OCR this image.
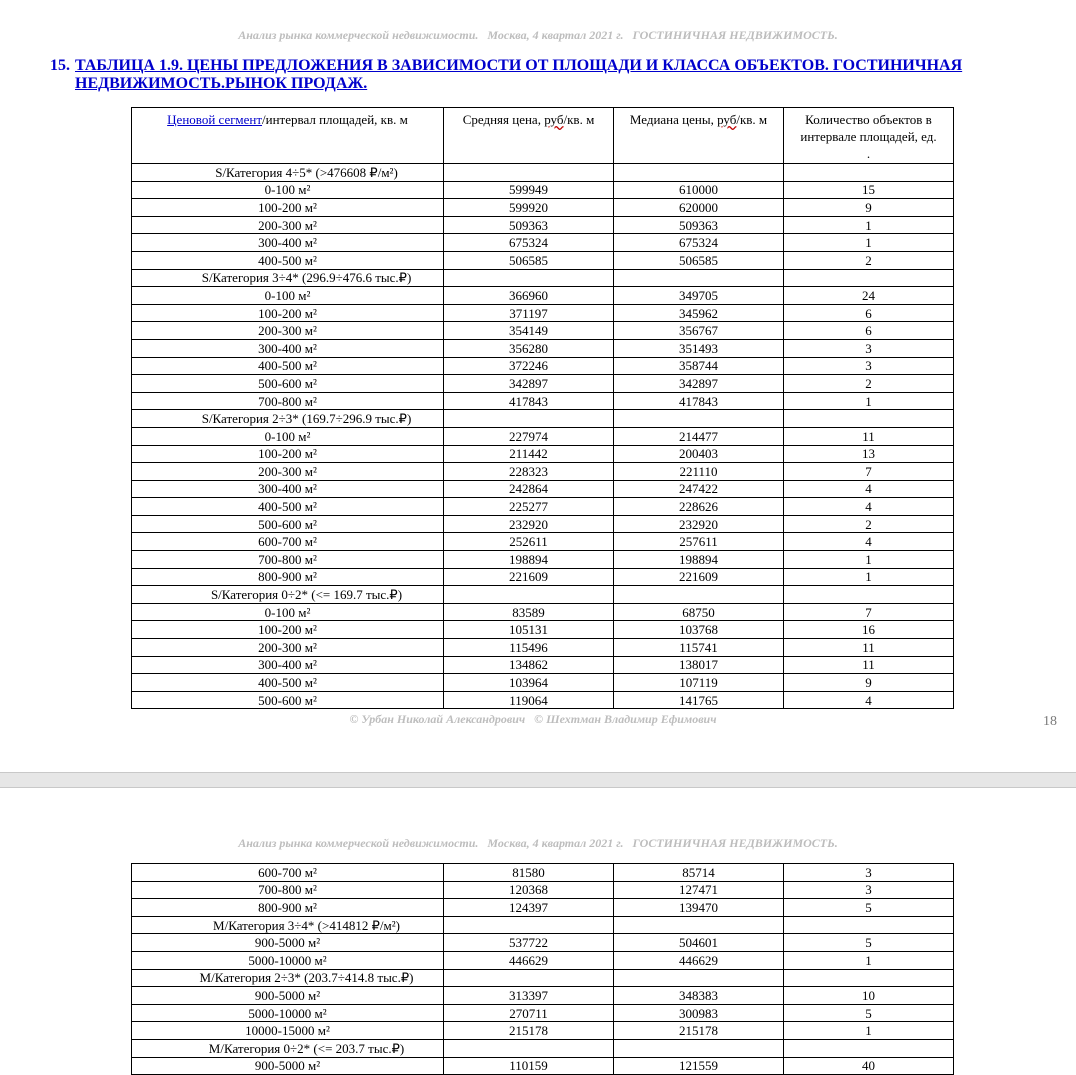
Анализ рынка коммерческой недвижимости.   Москва, 4 квартал 2021 г.   ГОСТИНИЧНАЯ НЕДВИЖИМОСТЬ.
15. ТАБЛИЦА 1.9. ЦЕНЫ ПРЕДЛОЖЕНИЯ В ЗАВИСИМОСТИ ОТ ПЛОЩАДИ И КЛАССА ОБЪЕКТОВ. ГОСТИНИЧНАЯ НЕДВИЖИМОСТЬ.РЫНОК ПРОДАЖ.
Ценовой сегмент/интервал площадей, кв. м	Средняя цена, руб/кв. м	Медиана цены, руб/кв. м	Количество объектов в интервале площадей, ед.
.
S/Категория 4÷5* (>476608 ₽/м²)			
0-100 м²	599949	610000	15
100-200 м²	599920	620000	9
200-300 м²	509363	509363	1
300-400 м²	675324	675324	1
400-500 м²	506585	506585	2
S/Категория 3÷4* (296.9÷476.6 тыс.₽)			
0-100 м²	366960	349705	24
100-200 м²	371197	345962	6
200-300 м²	354149	356767	6
300-400 м²	356280	351493	3
400-500 м²	372246	358744	3
500-600 м²	342897	342897	2
700-800 м²	417843	417843	1
S/Категория 2÷3* (169.7÷296.9 тыс.₽)			
0-100 м²	227974	214477	11
100-200 м²	211442	200403	13
200-300 м²	228323	221110	7
300-400 м²	242864	247422	4
400-500 м²	225277	228626	4
500-600 м²	232920	232920	2
600-700 м²	252611	257611	4
700-800 м²	198894	198894	1
800-900 м²	221609	221609	1
S/Категория 0÷2* (<= 169.7 тыс.₽)			
0-100 м²	83589	68750	7
100-200 м²	105131	103768	16
200-300 м²	115496	115741	11
300-400 м²	134862	138017	11
400-500 м²	103964	107119	9
500-600 м²	119064	141765	4
© Урбан Николай Александрович   © Шехтман Владимир Ефимович	18
Анализ рынка коммерческой недвижимости.   Москва, 4 квартал 2021 г.   ГОСТИНИЧНАЯ НЕДВИЖИМОСТЬ.
600-700 м²	81580	85714	3
700-800 м²	120368	127471	3
800-900 м²	124397	139470	5
M/Категория 3÷4* (>414812 ₽/м²)			
900-5000 м²	537722	504601	5
5000-10000 м²	446629	446629	1
M/Категория 2÷3* (203.7÷414.8 тыс.₽)			
900-5000 м²	313397	348383	10
5000-10000 м²	270711	300983	5
10000-15000 м²	215178	215178	1
M/Категория 0÷2* (<= 203.7 тыс.₽)			
900-5000 м²	110159	121559	40
